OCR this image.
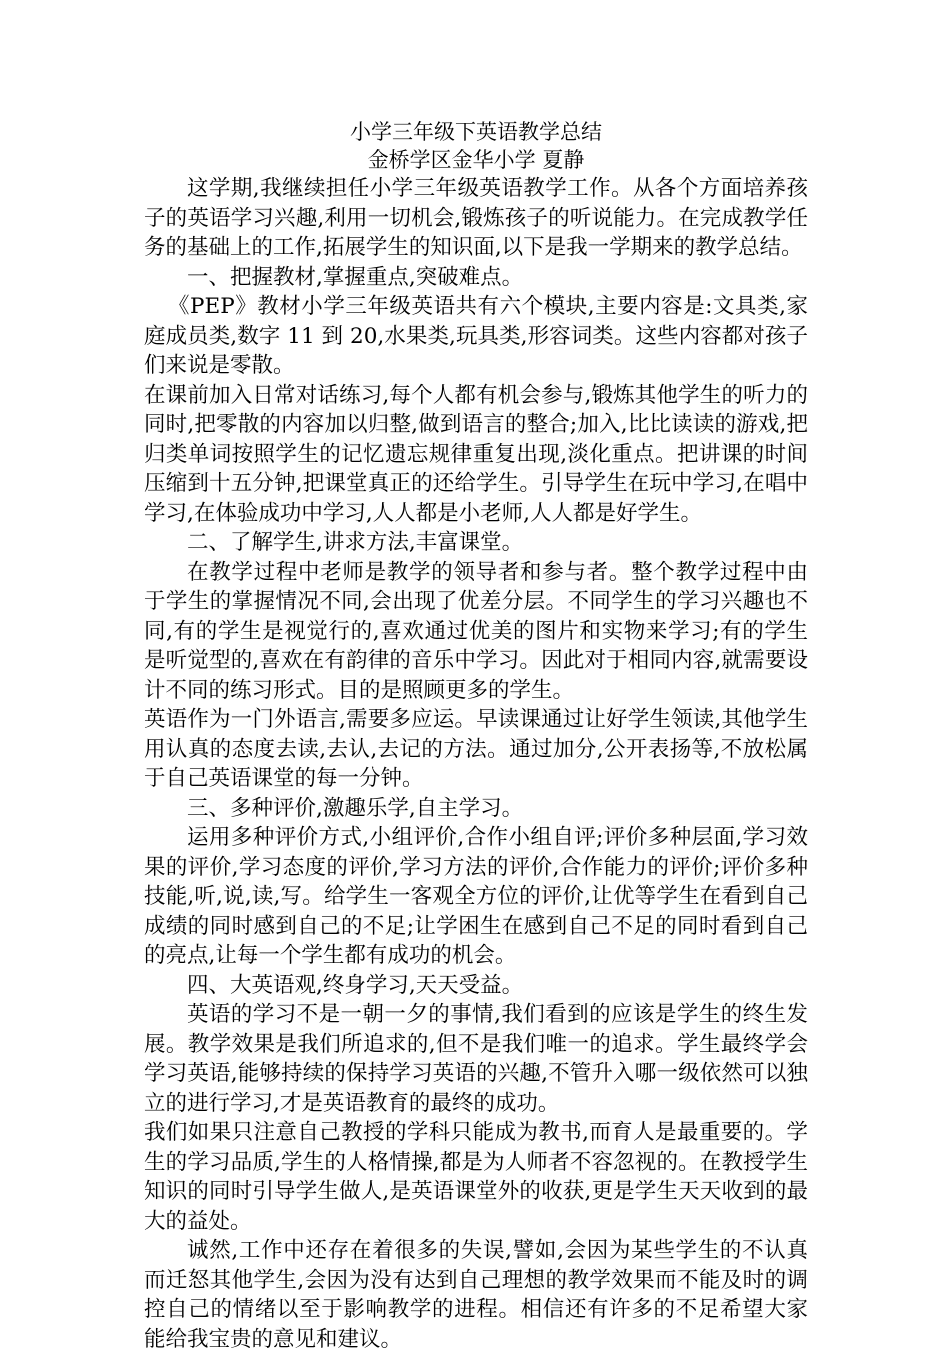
小学三年级下英语教学总结
金桥学区金华小学 夏静

这学期,我继续担任小学三年级英语教学工作。从各个方面培养孩子的英语学习兴趣,利用一切机会,锻炼孩子的听说能力。在完成教学任务的基础上的工作,拓展学生的知识面,以下是我一学期来的教学总结。

一、把握教材,掌握重点,突破难点。

《PEP》教材小学三年级英语共有六个模块,主要内容是:文具类,家庭成员类,数字 11 到 20,水果类,玩具类,形容词类。这些内容都对孩子们来说是零散。

在课前加入日常对话练习,每个人都有机会参与,锻炼其他学生的听力的同时,把零散的内容加以归整,做到语言的整合;加入,比比读读的游戏,把归类单词按照学生的记忆遗忘规律重复出现,淡化重点。把讲课的时间压缩到十五分钟,把课堂真正的还给学生。引导学生在玩中学习,在唱中学习,在体验成功中学习,人人都是小老师,人人都是好学生。

二、了解学生,讲求方法,丰富课堂。

在教学过程中老师是教学的领导者和参与者。整个教学过程中由于学生的掌握情况不同,会出现了优差分层。不同学生的学习兴趣也不同,有的学生是视觉行的,喜欢通过优美的图片和实物来学习;有的学生是听觉型的,喜欢在有韵律的音乐中学习。因此对于相同内容,就需要设计不同的练习形式。目的是照顾更多的学生。

英语作为一门外语言,需要多应运。早读课通过让好学生领读,其他学生用认真的态度去读,去认,去记的方法。通过加分,公开表扬等,不放松属于自己英语课堂的每一分钟。

三、多种评价,激趣乐学,自主学习。

运用多种评价方式,小组评价,合作小组自评;评价多种层面,学习效果的评价,学习态度的评价,学习方法的评价,合作能力的评价;评价多种技能,听,说,读,写。给学生一客观全方位的评价,让优等学生在看到自己成绩的同时感到自己的不足;让学困生在感到自己不足的同时看到自己的亮点,让每一个学生都有成功的机会。

四、大英语观,终身学习,天天受益。

英语的学习不是一朝一夕的事情,我们看到的应该是学生的终生发展。教学效果是我们所追求的,但不是我们唯一的追求。学生最终学会学习英语,能够持续的保持学习英语的兴趣,不管升入哪一级依然可以独立的进行学习,才是英语教育的最终的成功。

我们如果只注意自己教授的学科只能成为教书,而育人是最重要的。学生的学习品质,学生的人格情操,都是为人师者不容忽视的。在教授学生知识的同时引导学生做人,是英语课堂外的收获,更是学生天天收到的最大的益处。

诚然,工作中还存在着很多的失误,譬如,会因为某些学生的不认真而迁怒其他学生,会因为没有达到自己理想的教学效果而不能及时的调控自己的情绪以至于影响教学的进程。相信还有许多的不足希望大家能给我宝贵的意见和建议。
